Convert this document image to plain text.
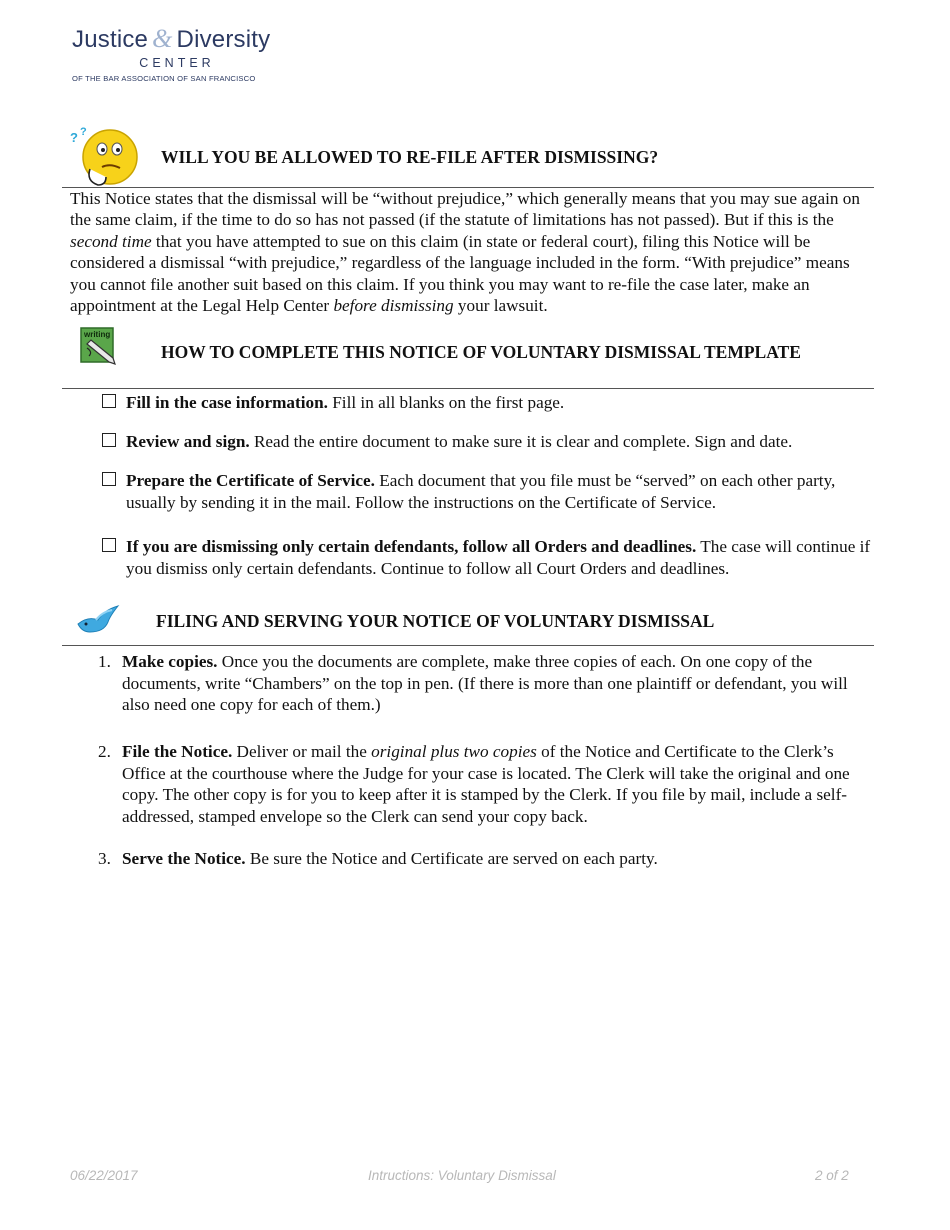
Justice & Diversity
CENTER
OF THE BAR ASSOCIATION OF SAN FRANCISCO
? ?
WILL YOU BE ALLOWED TO RE-FILE AFTER DISMISSING?
This Notice states that the dismissal will be “without prejudice,” which generally means that you may sue again on the same claim, if the time to do so has not passed (if the statute of limitations has not passed). But if this is the second time that you have attempted to sue on this claim (in state or federal court), filing this Notice will be considered a dismissal “with prejudice,” regardless of the language included in the form. “With prejudice” means you cannot file another suit based on this claim. If you think you may want to re-file the case later, make an appointment at the Legal Help Center before dismissing your lawsuit.
writing
HOW TO COMPLETE THIS NOTICE OF VOLUNTARY DISMISSAL TEMPLATE
Fill in the case information. Fill in all blanks on the first page.
Review and sign. Read the entire document to make sure it is clear and complete. Sign and date.
Prepare the Certificate of Service. Each document that you file must be “served” on each other party, usually by sending it in the mail. Follow the instructions on the Certificate of Service.
If you are dismissing only certain defendants, follow all Orders and deadlines. The case will continue if you dismiss only certain defendants. Continue to follow all Court Orders and deadlines.
FILING AND SERVING YOUR NOTICE OF VOLUNTARY DISMISSAL
1. Make copies. Once you the documents are complete, make three copies of each. On one copy of the documents, write “Chambers” on the top in pen. (If there is more than one plaintiff or defendant, you will also need one copy for each of them.)
2. File the Notice. Deliver or mail the original plus two copies of the Notice and Certificate to the Clerk’s Office at the courthouse where the Judge for your case is located. The Clerk will take the original and one copy. The other copy is for you to keep after it is stamped by the Clerk. If you file by mail, include a self-addressed, stamped envelope so the Clerk can send your copy back.
3. Serve the Notice. Be sure the Notice and Certificate are served on each party.
06/22/2017	Intructions: Voluntary Dismissal	2 of 2
